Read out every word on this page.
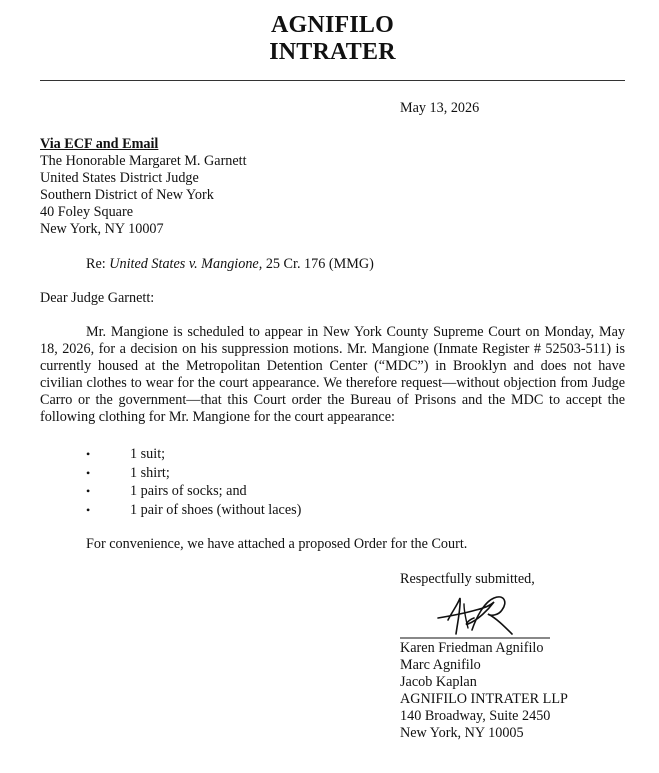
AGNIFILO
INTRATER
May 13, 2026
Via ECF and Email
The Honorable Margaret M. Garnett
United States District Judge
Southern District of New York
40 Foley Square
New York, NY 10007
Re: United States v. Mangione, 25 Cr. 176 (MMG)
Dear Judge Garnett:
Mr. Mangione is scheduled to appear in New York County Supreme Court on Monday, May 18, 2026, for a decision on his suppression motions. Mr. Mangione (Inmate Register # 52503-511) is currently housed at the Metropolitan Detention Center (“MDC”) in Brooklyn and does not have civilian clothes to wear for the court appearance. We therefore request—without objection from Judge Carro or the government—that this Court order the Bureau of Prisons and the MDC to accept the following clothing for Mr. Mangione for the court appearance:
•	1 suit;
•	1 shirt;
•	1 pairs of socks; and
•	1 pair of shoes (without laces)
For convenience, we have attached a proposed Order for the Court.
Respectfully submitted,
Karen Friedman Agnifilo
Marc Agnifilo
Jacob Kaplan
AGNIFILO INTRATER LLP
140 Broadway, Suite 2450
New York, NY 10005
